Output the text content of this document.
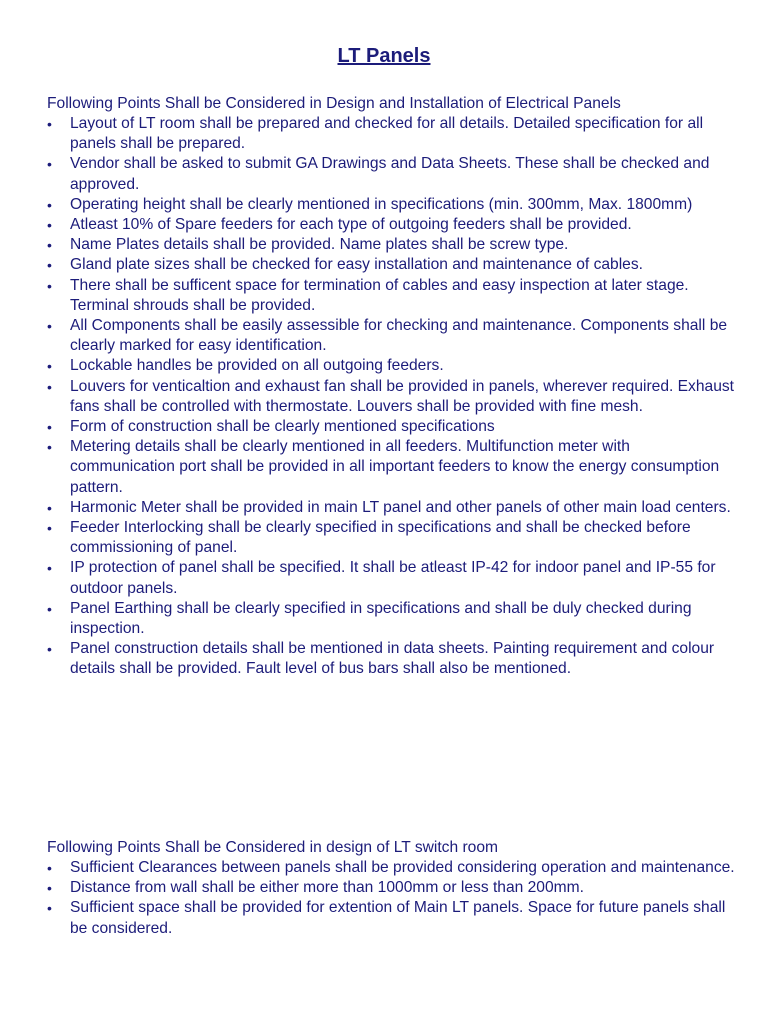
LT Panels

Following Points Shall be Considered in Design and Installation of Electrical Panels

•	Layout of LT room shall be prepared and checked for all details. Detailed specification for all panels shall be prepared.
•	Vendor shall be asked to submit GA Drawings and Data Sheets. These shall be checked and approved.
•	Operating height shall be clearly mentioned in specifications (min. 300mm, Max. 1800mm)
•	Atleast 10% of Spare feeders for each type of outgoing feeders shall be provided.
•	Name Plates details shall be provided. Name plates shall be screw type.
•	Gland plate sizes shall be checked for easy installation and maintenance of cables.
•	There shall be sufficent space for termination of cables and easy inspection at later stage. Terminal shrouds shall be provided.
•	All Components shall be easily assessible for checking and maintenance. Components shall be clearly marked for easy identification.
•	Lockable handles be provided on all outgoing feeders.
•	Louvers for venticaltion and exhaust fan shall be provided in panels, wherever required. Exhaust fans shall be controlled with thermostate. Louvers shall be provided with fine mesh.
•	Form of construction shall be clearly mentioned specifications
•	Metering details shall be clearly mentioned in all feeders. Multifunction meter with communication port shall be provided in all important feeders to know the energy consumption pattern.
•	Harmonic Meter shall be provided in main LT panel and other panels of other main load centers.
•	Feeder Interlocking shall be clearly specified in specifications and shall be checked before commissioning of panel.
•	IP protection of panel shall be specified. It shall be atleast IP-42 for indoor panel and IP-55 for outdoor panels.
•	Panel Earthing shall be clearly specified in specifications and shall be duly checked during inspection.
•	Panel construction details shall be mentioned in data sheets. Painting requirement and colour details shall be provided. Fault level of bus bars shall also be mentioned.

Following Points Shall be Considered in design of LT switch room

•	Sufficient Clearances between panels shall be provided considering operation and maintenance.
•	Distance from wall shall be either more than 1000mm or less than 200mm.
•	Sufficient space shall be provided for extention of Main LT panels. Space for future panels shall be considered.
